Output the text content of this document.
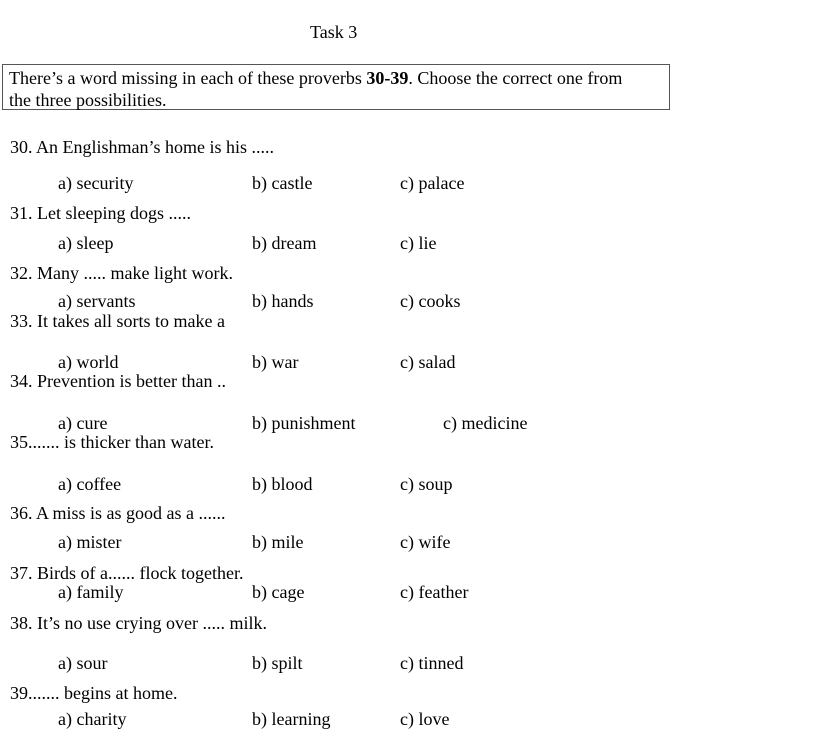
Task 3
There’s a word missing in each of these proverbs 30-39. Choose the correct one from
the three possibilities.
30. An Englishman’s home is his .....
a) security	b) castle	c) palace
31. Let sleeping dogs .....
a) sleep	b) dream	c) lie
32. Many ..... make light work.
a) servants	b) hands	c) cooks
33. It takes all sorts to make a
a) world	b) war	c) salad
34. Prevention is better than ..
a) cure	b) punishment	c) medicine
35....... is thicker than water.
a) coffee	b) blood	c) soup
36. A miss is as good as a ......
a) mister	b) mile	c) wife
37. Birds of a...... flock together.
a) family	b) cage	c) feather
38. It’s no use crying over ..... milk.
a) sour	b) spilt	c) tinned
39....... begins at home.
a) charity	b) learning	c) love
